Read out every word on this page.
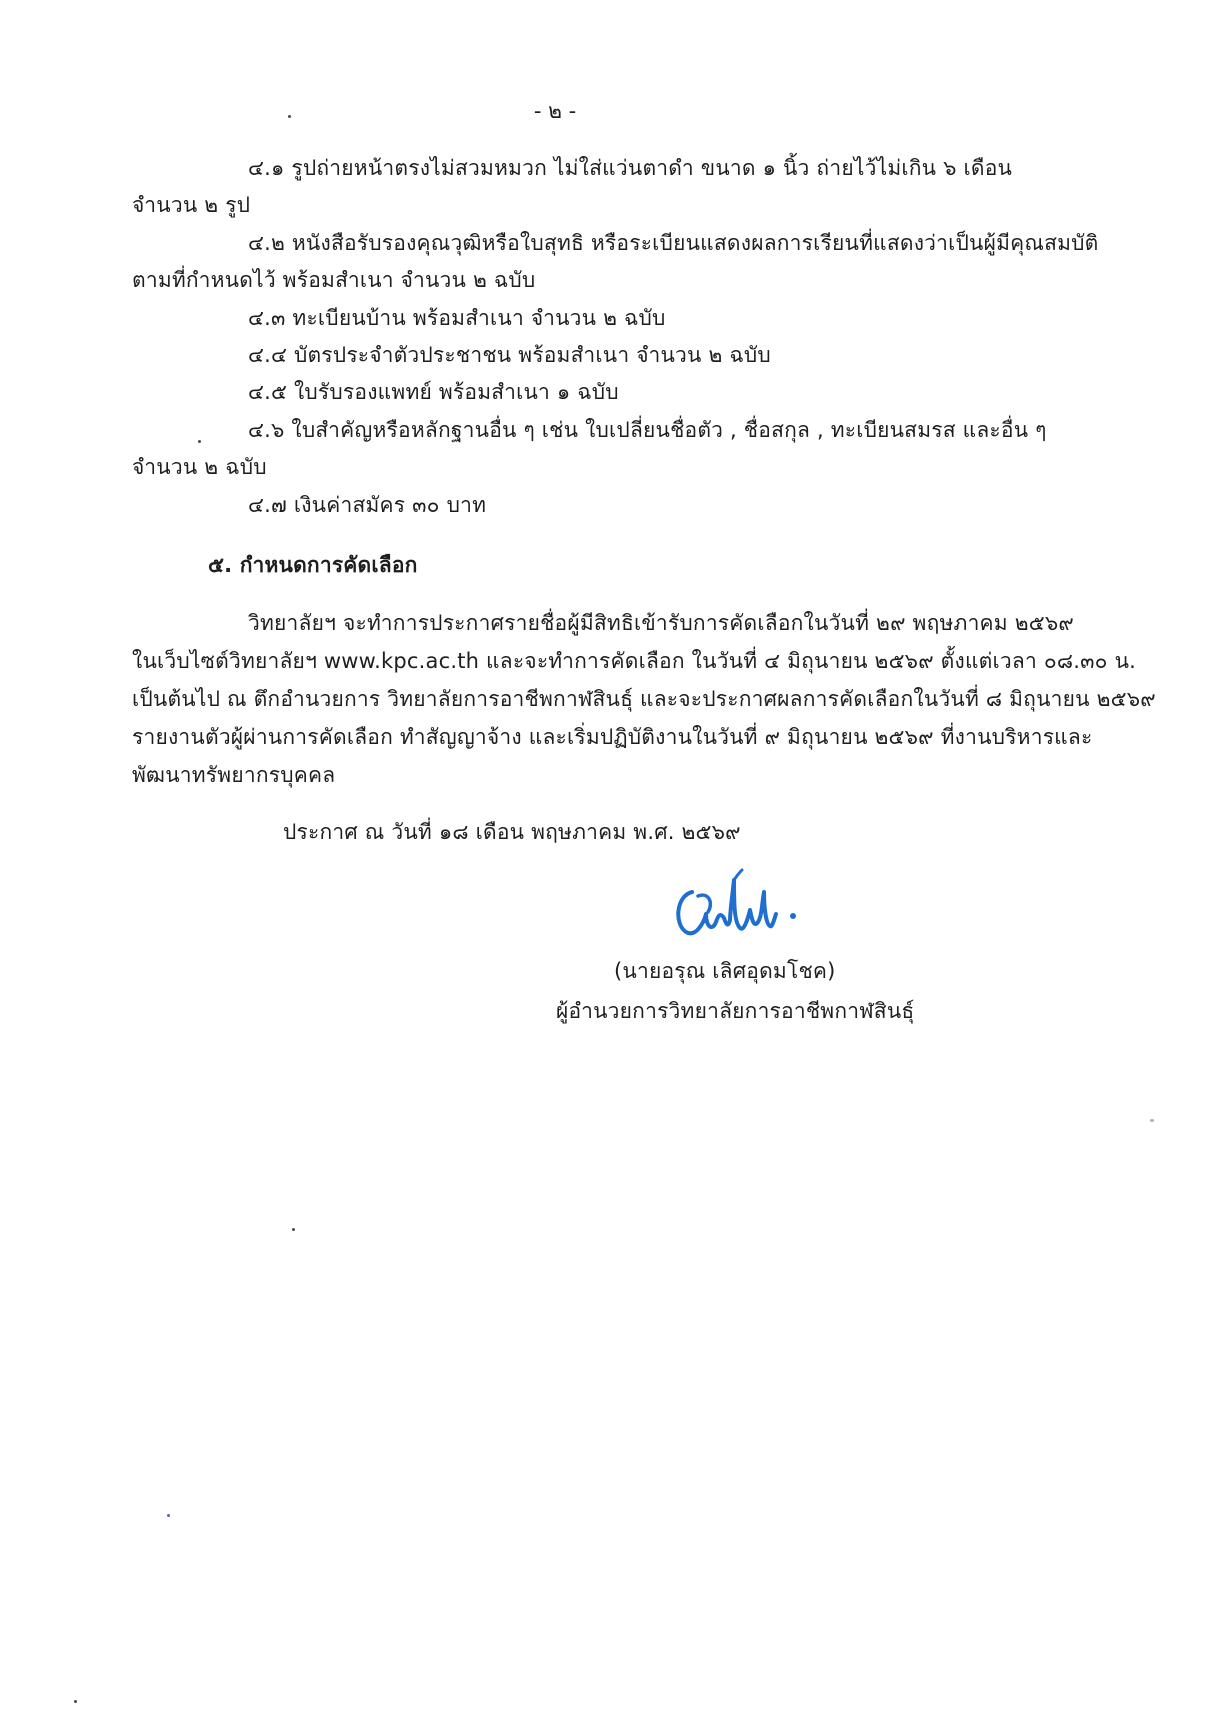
- ๒ -
๔.๑ รูปถ่ายหน้าตรงไม่สวมหมวก ไม่ใส่แว่นตาดำ ขนาด ๑ นิ้ว ถ่ายไว้ไม่เกิน ๖ เดือน
จำนวน ๒ รูป
๔.๒ หนังสือรับรองคุณวุฒิหรือใบสุทธิ หรือระเบียนแสดงผลการเรียนที่แสดงว่าเป็นผู้มีคุณสมบัติ
ตามที่กำหนดไว้ พร้อมสำเนา จำนวน ๒ ฉบับ
๔.๓ ทะเบียนบ้าน พร้อมสำเนา จำนวน ๒ ฉบับ
๔.๔ บัตรประจำตัวประชาชน พร้อมสำเนา จำนวน ๒ ฉบับ
๔.๕ ใบรับรองแพทย์ พร้อมสำเนา ๑ ฉบับ
๔.๖ ใบสำคัญหรือหลักฐานอื่น ๆ เช่น ใบเปลี่ยนชื่อตัว , ชื่อสกุล , ทะเบียนสมรส และอื่น ๆ
จำนวน ๒ ฉบับ
๔.๗ เงินค่าสมัคร ๓๐ บาท
๕. กำหนดการคัดเลือก
วิทยาลัยฯ จะทำการประกาศรายชื่อผู้มีสิทธิเข้ารับการคัดเลือกในวันที่ ๒๙ พฤษภาคม ๒๕๖๙
ในเว็บไซต์วิทยาลัยฯ www.kpc.ac.th และจะทำการคัดเลือก ในวันที่ ๔ มิถุนายน ๒๕๖๙ ตั้งแต่เวลา ๐๘.๓๐ น.
เป็นต้นไป ณ ตึกอำนวยการ วิทยาลัยการอาชีพกาฬสินธุ์ และจะประกาศผลการคัดเลือกในวันที่ ๘ มิถุนายน ๒๕๖๙
รายงานตัวผู้ผ่านการคัดเลือก ทำสัญญาจ้าง และเริ่มปฏิบัติงานในวันที่ ๙ มิถุนายน ๒๕๖๙ ที่งานบริหารและ
พัฒนาทรัพยากรบุคคล
ประกาศ ณ วันที่ ๑๘ เดือน พฤษภาคม พ.ศ. ๒๕๖๙
(นายอรุณ เลิศอุดมโชค)
ผู้อำนวยการวิทยาลัยการอาชีพกาฬสินธุ์
